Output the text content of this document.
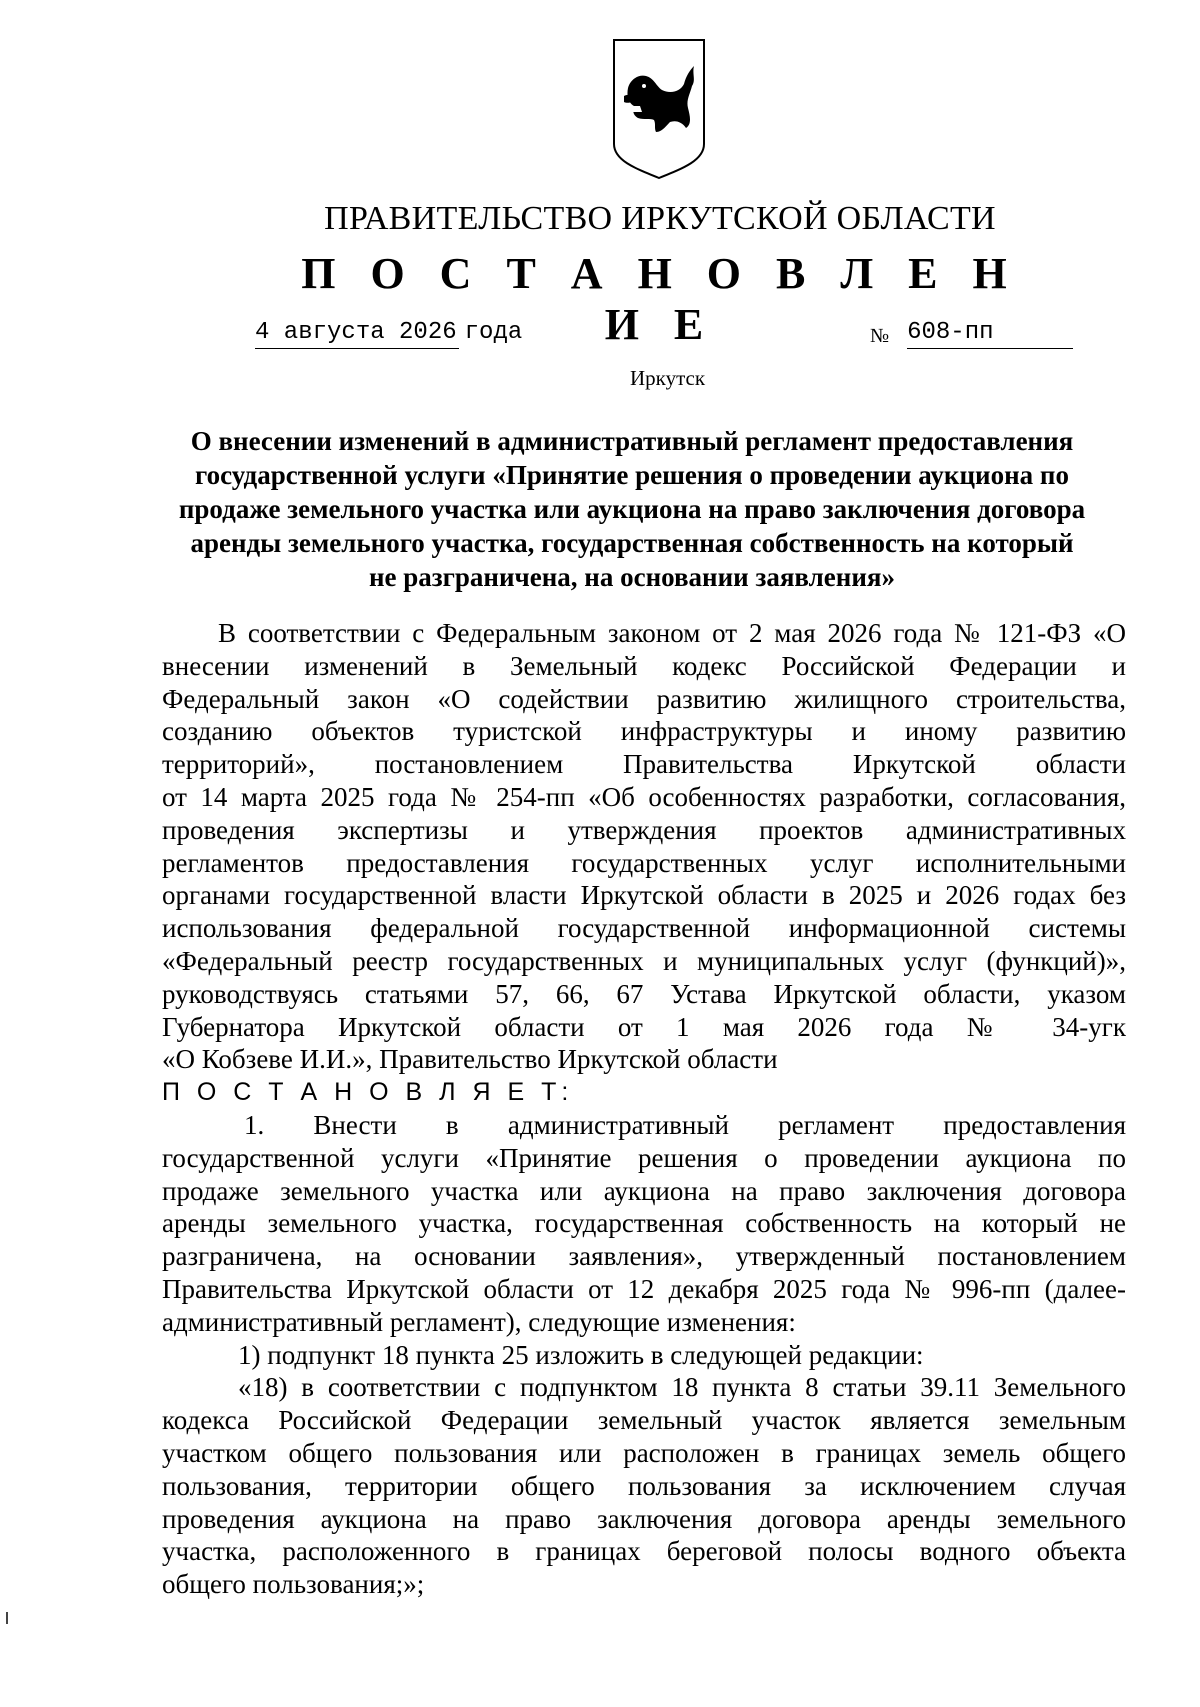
ПРАВИТЕЛЬСТВО ИРКУТСКОЙ ОБЛАСТИ
П О С Т А Н О В Л Е Н И Е
4 августа 2026 года	№ 608-пп
Иркутск
О внесении изменений в административный регламент предоставления
государственной услуги «Принятие решения о проведении аукциона по
продаже земельного участка или аукциона на право заключения договора
аренды земельного участка, государственная собственность на который
не разграничена, на основании заявления»
В соответствии с Федеральным законом от 2 мая 2026 года № 121-ФЗ «О
внесении изменений в Земельный кодекс Российской Федерации и
Федеральный закон «О содействии развитию жилищного строительства,
созданию объектов туристской инфраструктуры и иному развитию
территорий», постановлением Правительства Иркутской области
от 14 марта 2025 года № 254-пп «Об особенностях разработки, согласования,
проведения экспертизы и утверждения проектов административных
регламентов предоставления государственных услуг исполнительными
органами государственной власти Иркутской области в 2025 и 2026 годах без
использования федеральной государственной информационной системы
«Федеральный реестр государственных и муниципальных услуг (функций)»,
руководствуясь статьями 57, 66, 67 Устава Иркутской области, указом
Губернатора Иркутской области от 1 мая 2026 года № 34-угк
«О Кобзеве И.И.», Правительство Иркутской области
П О С Т А Н О В Л Я Е Т:
1. Внести в административный регламент предоставления
государственной услуги «Принятие решения о проведении аукциона по
продаже земельного участка или аукциона на право заключения договора
аренды земельного участка, государственная собственность на который не
разграничена, на основании заявления», утвержденный постановлением
Правительства Иркутской области от 12 декабря 2025 года № 996-пп (далее-
административный регламент), следующие изменения:
1) подпункт 18 пункта 25 изложить в следующей редакции:
«18) в соответствии с подпунктом 18 пункта 8 статьи 39.11 Земельного
кодекса Российской Федерации земельный участок является земельным
участком общего пользования или расположен в границах земель общего
пользования, территории общего пользования за исключением случая
проведения аукциона на право заключения договора аренды земельного
участка, расположенного в границах береговой полосы водного объекта
общего пользования;»;
